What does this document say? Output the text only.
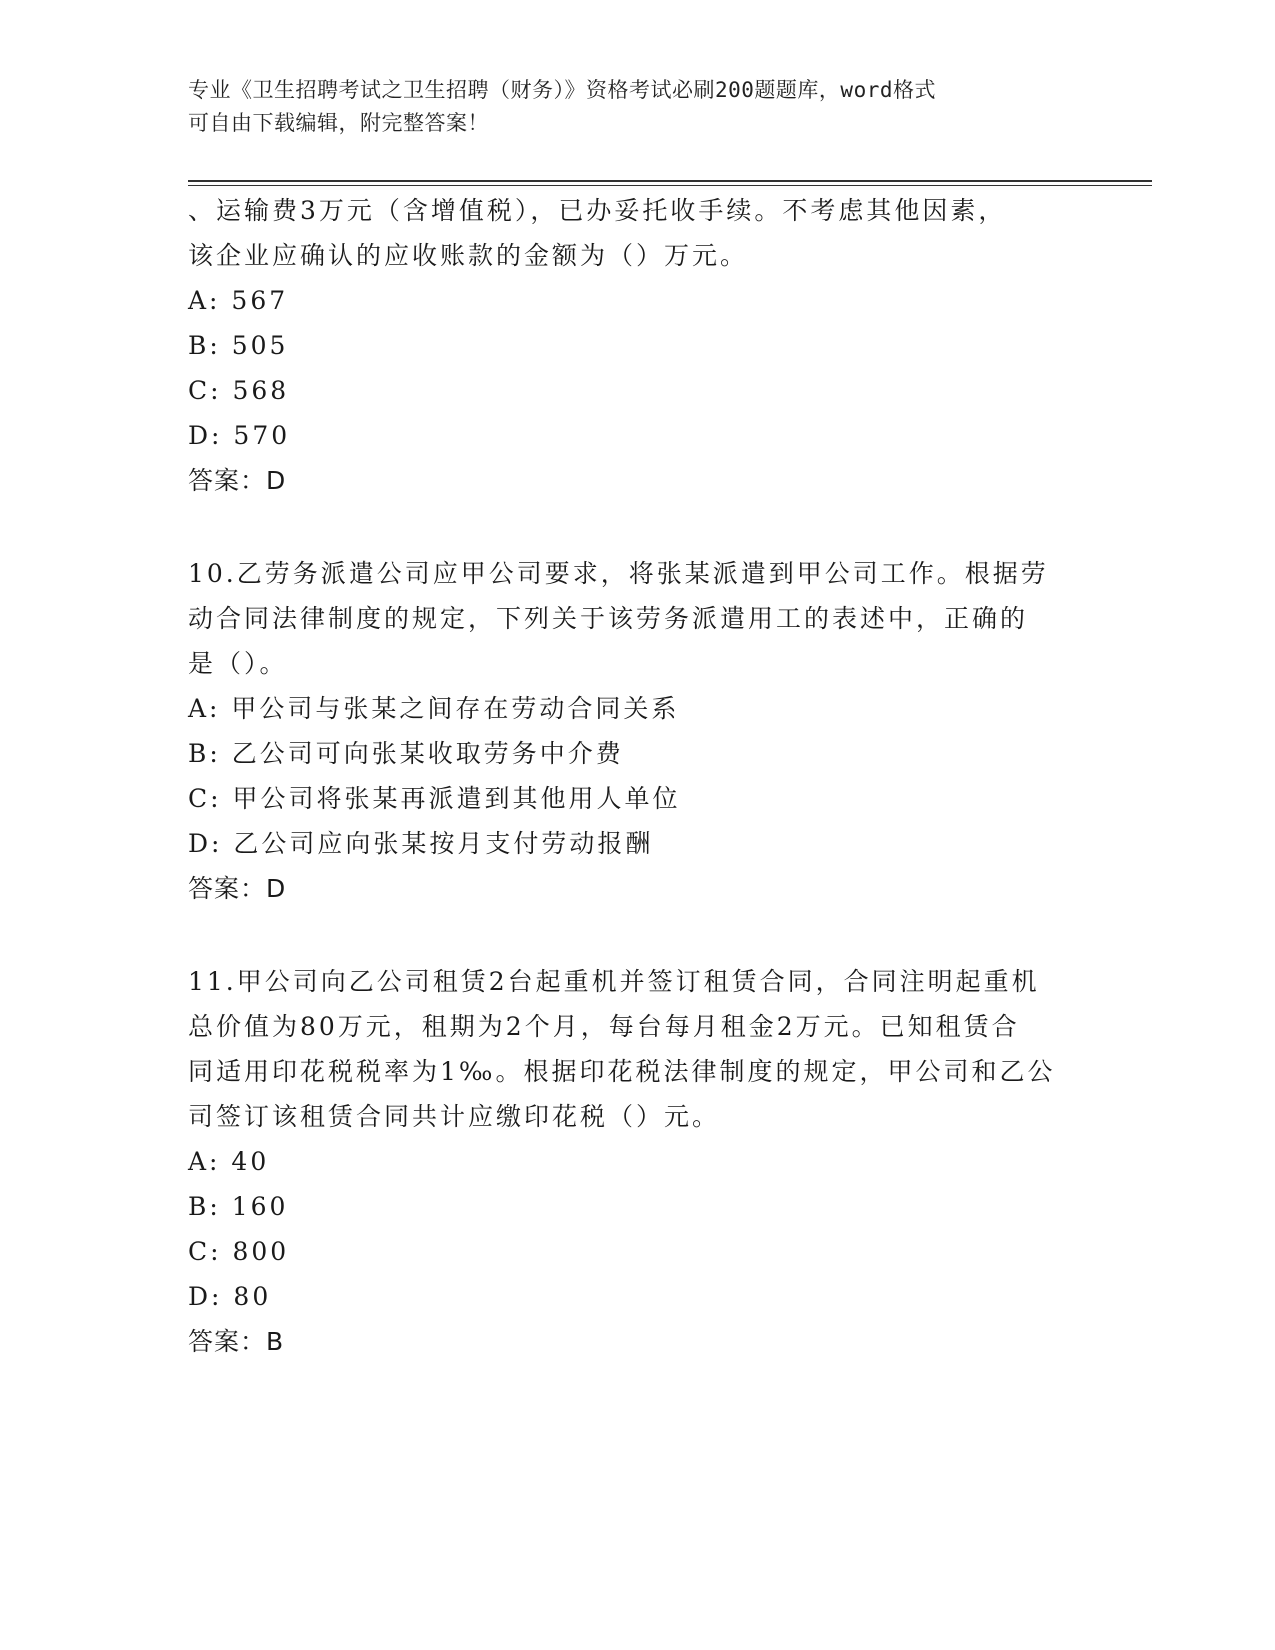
专业《卫生招聘考试之卫生招聘（财务）》资格考试必刷200题题库，word格式
可自由下载编辑，附完整答案！

、运输费3万元（含增值税），已办妥托收手续。不考虑其他因素，

该企业应确认的应收账款的金额为（）万元。

A: 567

B: 505

C: 568

D: 570

答案：D

10.乙劳务派遣公司应甲公司要求，将张某派遣到甲公司工作。根据劳

动合同法律制度的规定，下列关于该劳务派遣用工的表述中，正确的

是（）。

A: 甲公司与张某之间存在劳动合同关系

B: 乙公司可向张某收取劳务中介费

C: 甲公司将张某再派遣到其他用人单位

D: 乙公司应向张某按月支付劳动报酬

答案：D

11.甲公司向乙公司租赁2台起重机并签订租赁合同，合同注明起重机

总价值为80万元，租期为2个月，每台每月租金2万元。已知租赁合

同适用印花税税率为1‰。根据印花税法律制度的规定，甲公司和乙公

司签订该租赁合同共计应缴印花税（）元。

A: 40

B: 160

C: 800

D: 80

答案：B
